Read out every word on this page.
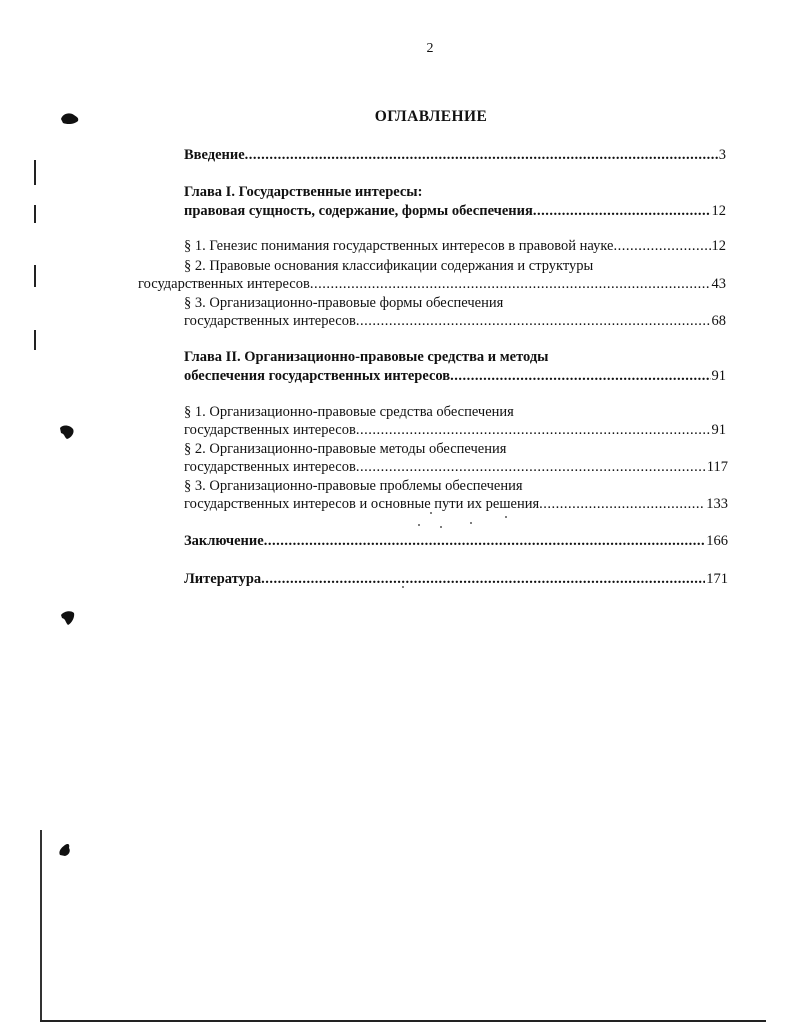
2
ОГЛАВЛЕНИЕ
Введение .....	3
Глава I. Государственные интересы:
правовая сущность, содержание, формы обеспечения .....	12
§ 1. Генезис понимания государственных интересов в правовой науке .....	12
§ 2. Правовые основания классификации содержания и структуры
государственных интересов .....	43
§ 3. Организационно-правовые формы обеспечения
государственных интересов .....	68
Глава II. Организационно-правовые средства и методы
обеспечения государственных интересов .....	91
§ 1. Организационно-правовые средства обеспечения
государственных интересов .....	91
§ 2. Организационно-правовые методы обеспечения
государственных интересов .....	117
§ 3. Организационно-правовые проблемы обеспечения
государственных интересов и основные пути их решения .....	133
Заключение .....	166
Литература .....	171
